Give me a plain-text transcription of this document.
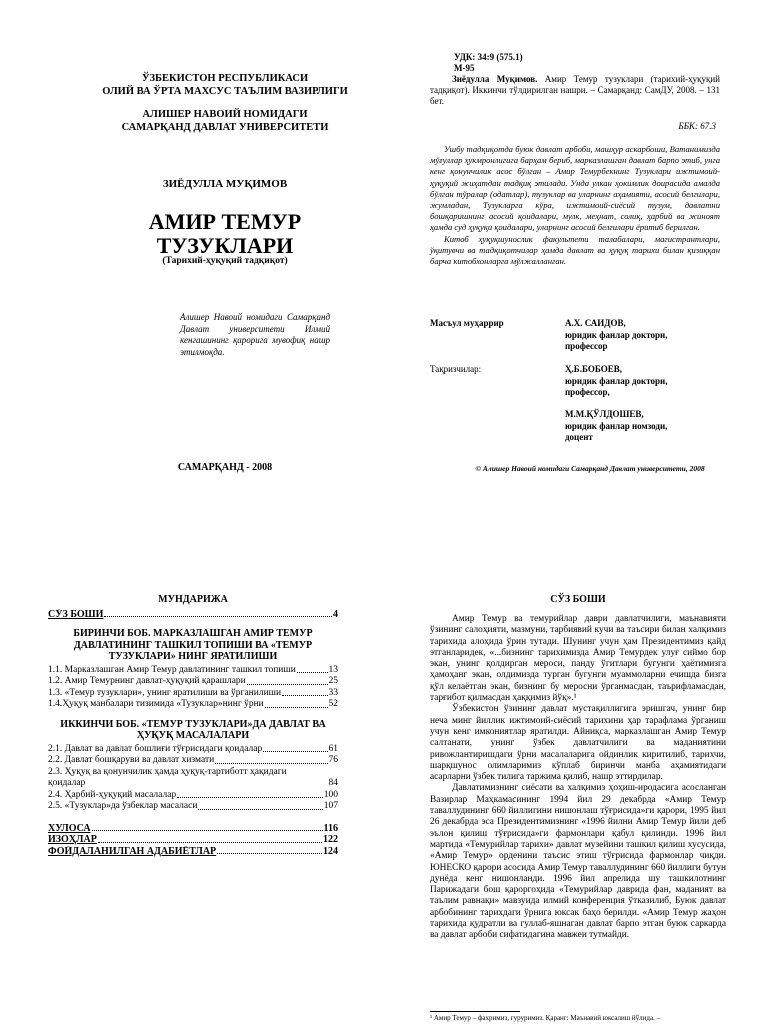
ЎЗБЕКИСТОН РЕСПУБЛИКАСИ
ОЛИЙ ВА ЎРТА МАХСУС ТАЪЛИМ ВАЗИРЛИГИ
АЛИШЕР НАВОИЙ НОМИДАГИ
САМАРҚАНД ДАВЛАТ УНИВЕРСИТЕТИ
ЗИЁДУЛЛА МУҚИМОВ
АМИР ТЕМУР
ТУЗУКЛАРИ
(Тарихий-ҳуқуқий тадқиқот)
Алишер Навоий номидаги Самарқанд Давлат университети Илмий кенгашининг қарорига мувофиқ нашр этилмоқда.
САМАРҚАНД - 2008
УДК: 34:9 (575.1)
М-95
Зиёдулла Муқимов. Амир Темур тузуклари (тарихий-ҳуқуқий тадқиқот). Иккинчи тўлдирилган нашри. – Самарқанд: СамДУ, 2008. – 131 бет.
ББК: 67.3

Ушбу тадқиқотда буюк давлат арбоби, машҳур аскарбоши, Ватанимизда мўғуллар ҳукмронлигига барҳам бериб, марказлашган давлат барпо этиб, унга кенг қонунчилик асос бўлган – Амир Темурбекнинг Тузуклари ижтимоий-ҳуқуқий жиҳатдан тадқиқ этилади. Унда улкан ҳокимлик доирасида амалда бўлган тўралар (одатлар), тузуклар ва уларнинг аҳамияти, асосий белгилари, жумладан, Тузукларга кўра, ижтимоий-сиёсий тузум, давлатни бошқаришнинг асосий қоидалари, мулк, меҳнат, солиқ, ҳарбий ва жиноят ҳамда суд ҳуқуқи қоидалари, уларнинг асосий белгилари ёритиб берилган.

Китоб ҳуқуқшунослик факультети талабалари, магистрантлари, ўқитувчи ва тадқиқотчилар ҳамда давлат ва ҳуқуқ тарихи билан қизиққан барча китобхонларга мўлжалланган.

Масъул муҳаррир	А.Х. САИДОВ,
юридик фанлар доктори,
профессор
Тақризчилар:	Ҳ.Б.БОБОЕВ,
юридик фанлар доктори,
профессор,
М.М.ҚЎЛДОШЕВ,
юридик фанлар номзоди,
доцент
© Алишер Навоий номидаги Самарқанд Давлат университети, 2008
МУНДАРИЖА
СЎЗ БОШИ	4
БИРИНЧИ БОБ. МАРКАЗЛАШГАН АМИР ТЕМУР ДАВЛАТИНИНГ ТАШКИЛ ТОПИШИ ВА «ТЕМУР ТУЗУКЛАРИ» НИНГ ЯРАТИЛИШИ
1.1. Марказлашган Амир Темур давлатининг ташкил топиши	13
1.2. Амир Темурнинг давлат-ҳуқуқий қарашлари	25
1.3. «Темур тузуклари», унинг яратилиши ва ўрганилиши	33
1.4.Ҳуқуқ манбалари тизимида «Тузуклар»нинг ўрни	52
ИККИНЧИ БОБ. «ТЕМУР ТУЗУКЛАРИ»ДА ДАВЛАТ ВА ҲУҚУҚ МАСАЛАЛАРИ
2.1. Давлат ва давлат бошлиғи тўғрисидаги қоидалар	61
2.2. Давлат бошқаруви ва давлат хизмати	76
2.3. Ҳуқуқ ва қонунчилик ҳамда ҳуқуқ-тартиботт ҳақидаги қоидалар	84
2.4. Ҳарбий-ҳуқуқий масалалар	100
2.5. «Тузуклар»да ўзбеклар масаласи	107
ХУЛОСА	116
ИЗОҲЛАР	122
ФОЙДАЛАНИЛГАН АДАБИЁТЛАР	124
СЎЗ БОШИ

Амир Темур ва темурийлар даври давлатчилиги, маънавияти ўзининг салоҳияти, мазмуни, тарбиявий кучи ва таъсири билан халқимиз тарихида алоҳида ўрин тутади. Шунинг учун ҳам Президентимиз қайд этганларидек, «...бизнинг тарихимизда Амир Темурдек улуғ сиймо бор экан, унинг қолдирган мероси, панду ўгитлари бугунги ҳаётимизга ҳамоҳанг экан, олдимизда турган бугунги муаммоларни ечишда бизга қўл келаётган экан, бизнинг бу меросни ўрганмасдан, таърифламасдан, тарғибот қилмасдан ҳаққимиз йўқ».¹

Ўзбекистон ўзининг давлат мустақиллигига эришгач, унинг бир неча минг йиллик ижтимоий-сиёсий тарихини ҳар тарафлама ўрганиш учун кенг имкониятлар яратилди. Айниқса, марказлашган Амир Темур салтанати, унинг ўзбек давлатчилиги ва маданиятини ривожлантиришдаги ўрни масалаларига ойдинлик киритилиб, тарихчи, шарқшунос олимларимиз кўплаб биринчи манба аҳамиятидаги асарларни ўзбек тилига таржима қилиб, нашр эттирдилар.

Давлатимизнинг сиёсати ва халқимиз ҳоҳиш-иродасига асосланган Вазирлар Маҳкамасининг 1994 йил 29 декабрда «Амир Темур таваллудининг 660 йиллигини нишонлаш тўғрисида»ги қарори, 1995 йил 26 декабрда эса Президентимизнинг «1996 йилни Амир Темур йили деб эълон қилиш тўғрисида»ги фармонлари қабул қилинди. 1996 йил мартида «Темурийлар тарихи» давлат музейини ташкил қилиш хусусида, «Амир Темур» орденини таъсис этиш тўғрисида фармонлар чиқди. ЮНЕСКО қарори асосида Амир Темур таваллудининг 660 йиллиги бутун дунёда кенг нишонланди. 1996 йил апрелида шу ташкилотнинг Парижадаги бош қароргоҳида «Темурийлар даврида фан, маданият ва таълим равнақи» мавзуида илмий конференция ўтказилиб, Буюк давлат арбобининг тарихдаги ўрнига юксак баҳо берилди. «Амир Темур жаҳон тарихида қудратли ва гуллаб-яшнаган давлат барпо этган буюк саркарда ва давлат арбоби сифатидагина мавжеи тутмайди.

¹ Амир Темур – фахримиз, ғуруримиз. Қаранг: Маънавий юксалиш йўлида. –
